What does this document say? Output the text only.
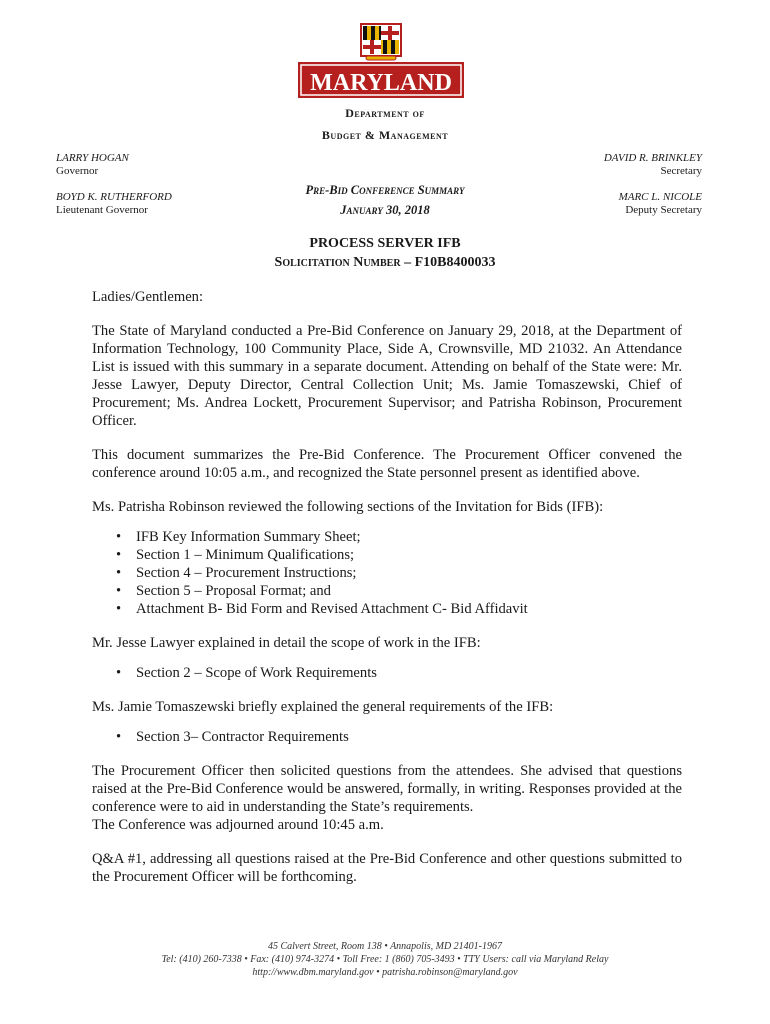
MARYLAND
Department of
Budget & Management
LARRY HOGAN
Governor
BOYD K. RUTHERFORD
Lieutenant Governor
DAVID R. BRINKLEY
Secretary
MARC L. NICOLE
Deputy Secretary
Pre-Bid Conference Summary
January 30, 2018
PROCESS SERVER IFB
Solicitation Number – F10B8400033

Ladies/Gentlemen:

The State of Maryland conducted a Pre-Bid Conference on January 29, 2018, at the Department of Information Technology, 100 Community Place, Side A, Crownsville, MD 21032. An Attendance List is issued with this summary in a separate document. Attending on behalf of the State were: Mr. Jesse Lawyer, Deputy Director, Central Collection Unit; Ms. Jamie Tomaszewski, Chief of Procurement; Ms. Andrea Lockett, Procurement Supervisor; and Patrisha Robinson, Procurement Officer.

This document summarizes the Pre-Bid Conference. The Procurement Officer convened the conference around 10:05 a.m., and recognized the State personnel present as identified above.

Ms. Patrisha Robinson reviewed the following sections of the Invitation for Bids (IFB):

• IFB Key Information Summary Sheet;
• Section 1 – Minimum Qualifications;
• Section 4 – Procurement Instructions;
• Section 5 – Proposal Format; and
• Attachment B- Bid Form and Revised Attachment C- Bid Affidavit

Mr. Jesse Lawyer explained in detail the scope of work in the IFB:

• Section 2 – Scope of Work Requirements

Ms. Jamie Tomaszewski briefly explained the general requirements of the IFB:

• Section 3– Contractor Requirements

The Procurement Officer then solicited questions from the attendees. She advised that questions raised at the Pre-Bid Conference would be answered, formally, in writing. Responses provided at the conference were to aid in understanding the State’s requirements.

The Conference was adjourned around 10:45 a.m.

Q&A #1, addressing all questions raised at the Pre-Bid Conference and other questions submitted to the Procurement Officer will be forthcoming.

45 Calvert Street, Room 138 • Annapolis, MD 21401-1967
Tel: (410) 260-7338 • Fax: (410) 974-3274 • Toll Free: 1 (860) 705-3493 • TTY Users: call via Maryland Relay
http://www.dbm.maryland.gov • patrisha.robinson@maryland.gov
